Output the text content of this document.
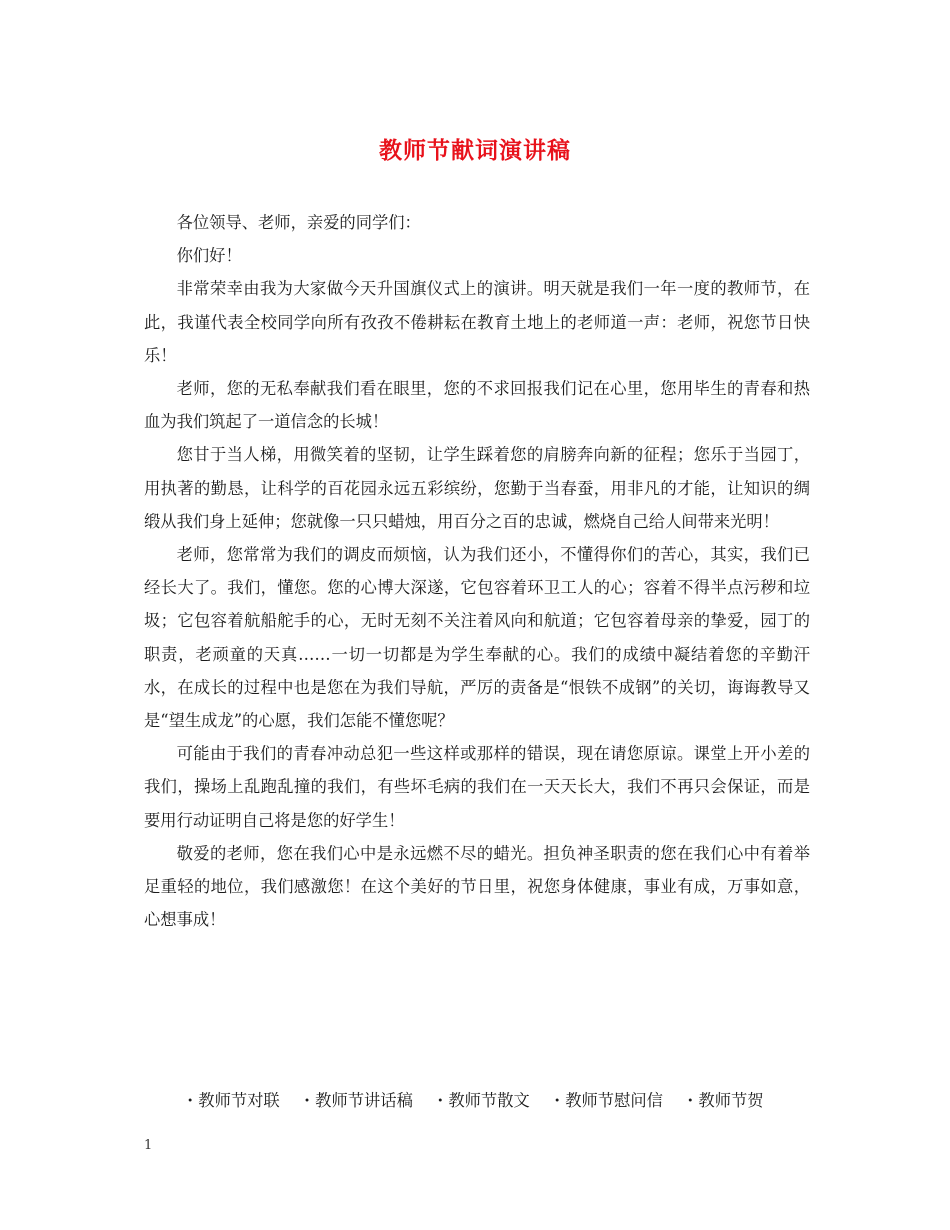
教师节献词演讲稿

各位领导、老师，亲爱的同学们：

你们好！

非常荣幸由我为大家做今天升国旗仪式上的演讲。明天就是我们一年一度的教师节，在此，我谨代表全校同学向所有孜孜不倦耕耘在教育土地上的老师道一声：老师，祝您节日快乐！

老师，您的无私奉献我们看在眼里，您的不求回报我们记在心里，您用毕生的青春和热血为我们筑起了一道信念的长城！

您甘于当人梯，用微笑着的坚韧，让学生踩着您的肩膀奔向新的征程；您乐于当园丁，用执著的勤恳，让科学的百花园永远五彩缤纷，您勤于当春蚕，用非凡的才能，让知识的绸缎从我们身上延伸；您就像一只只蜡烛，用百分之百的忠诚，燃烧自己给人间带来光明！

老师，您常常为我们的调皮而烦恼，认为我们还小，不懂得你们的苦心，其实，我们已经长大了。我们，懂您。您的心博大深遂，它包容着环卫工人的心；容着不得半点污秽和垃圾；它包容着航船舵手的心，无时无刻不关注着风向和航道；它包容着母亲的挚爱，园丁的职责，老顽童的天真……一切一切都是为学生奉献的心。我们的成绩中凝结着您的辛勤汗水，在成长的过程中也是您在为我们导航，严厉的责备是“恨铁不成钢”的关切，诲诲教导又是“望生成龙”的心愿，我们怎能不懂您呢？

可能由于我们的青春冲动总犯一些这样或那样的错误，现在请您原谅。课堂上开小差的我们，操场上乱跑乱撞的我们，有些坏毛病的我们在一天天长大，我们不再只会保证，而是要用行动证明自己将是您的好学生！

敬爱的老师，您在我们心中是永远燃不尽的蜡光。担负神圣职责的您在我们心中有着举足重轻的地位，我们感激您！在这个美好的节日里，祝您身体健康，事业有成，万事如意，心想事成！

・教师节对联 ・教师节讲话稿 ・教师节散文 ・教师节慰问信 ・教师节贺
1
